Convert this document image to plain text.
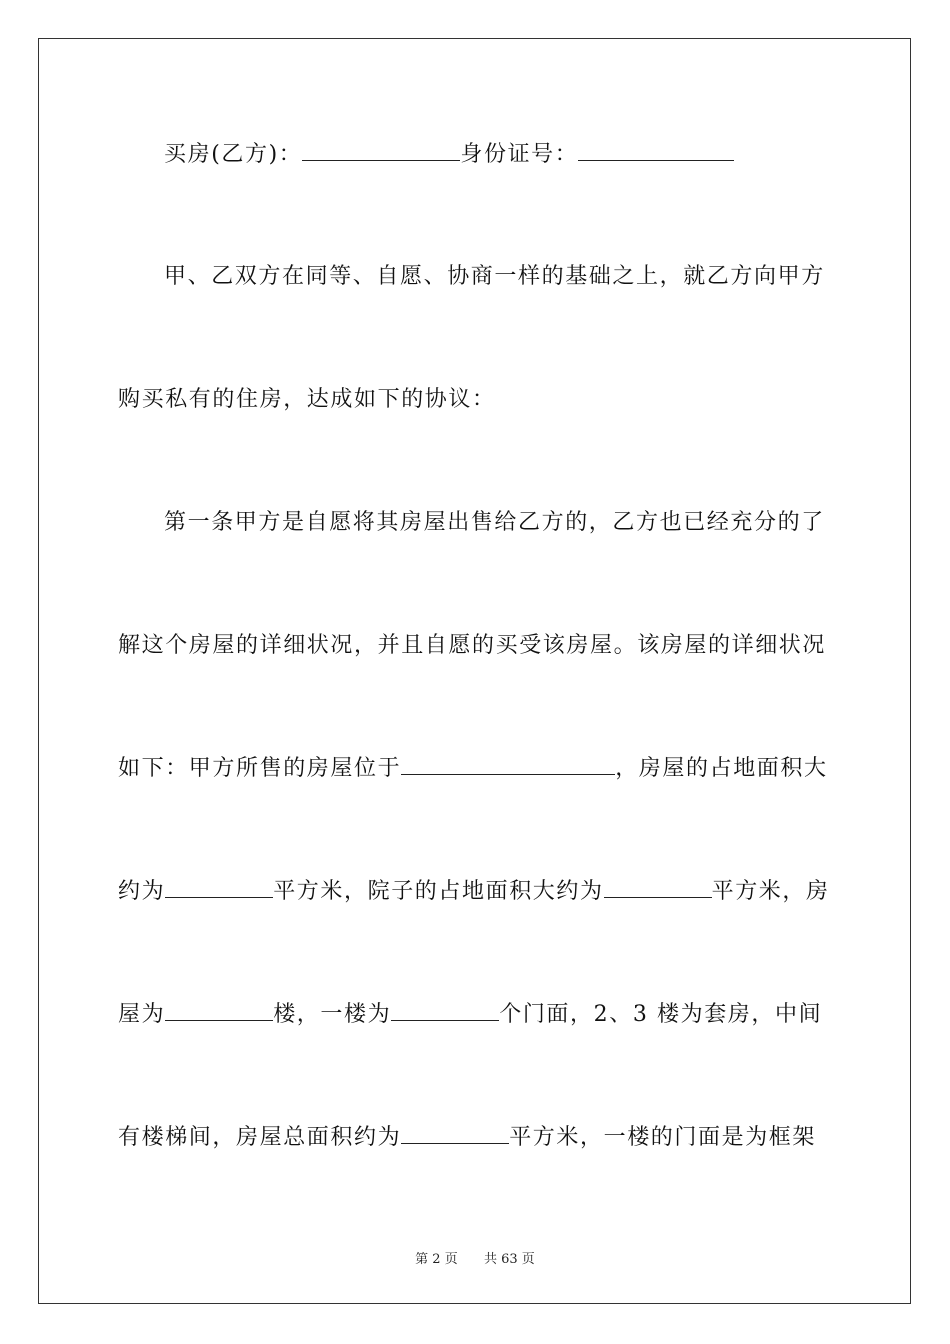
买房(乙方)：	身份证号：
甲、乙双方在同等、自愿、协商一样的基础之上，就乙方向甲方
购买私有的住房，达成如下的协议：
第一条甲方是自愿将其房屋出售给乙方的，乙方也已经充分的了
解这个房屋的详细状况，并且自愿的买受该房屋。该房屋的详细状况
如下：甲方所售的房屋位于	，房屋的占地面积大
约为	平方米，院子的占地面积大约为	平方米，房
屋为	楼，一楼为	个门面，2、3 楼为套房，中间
有楼梯间，房屋总面积约为	平方米，一楼的门面是为框架
第 2 页 共 63 页
